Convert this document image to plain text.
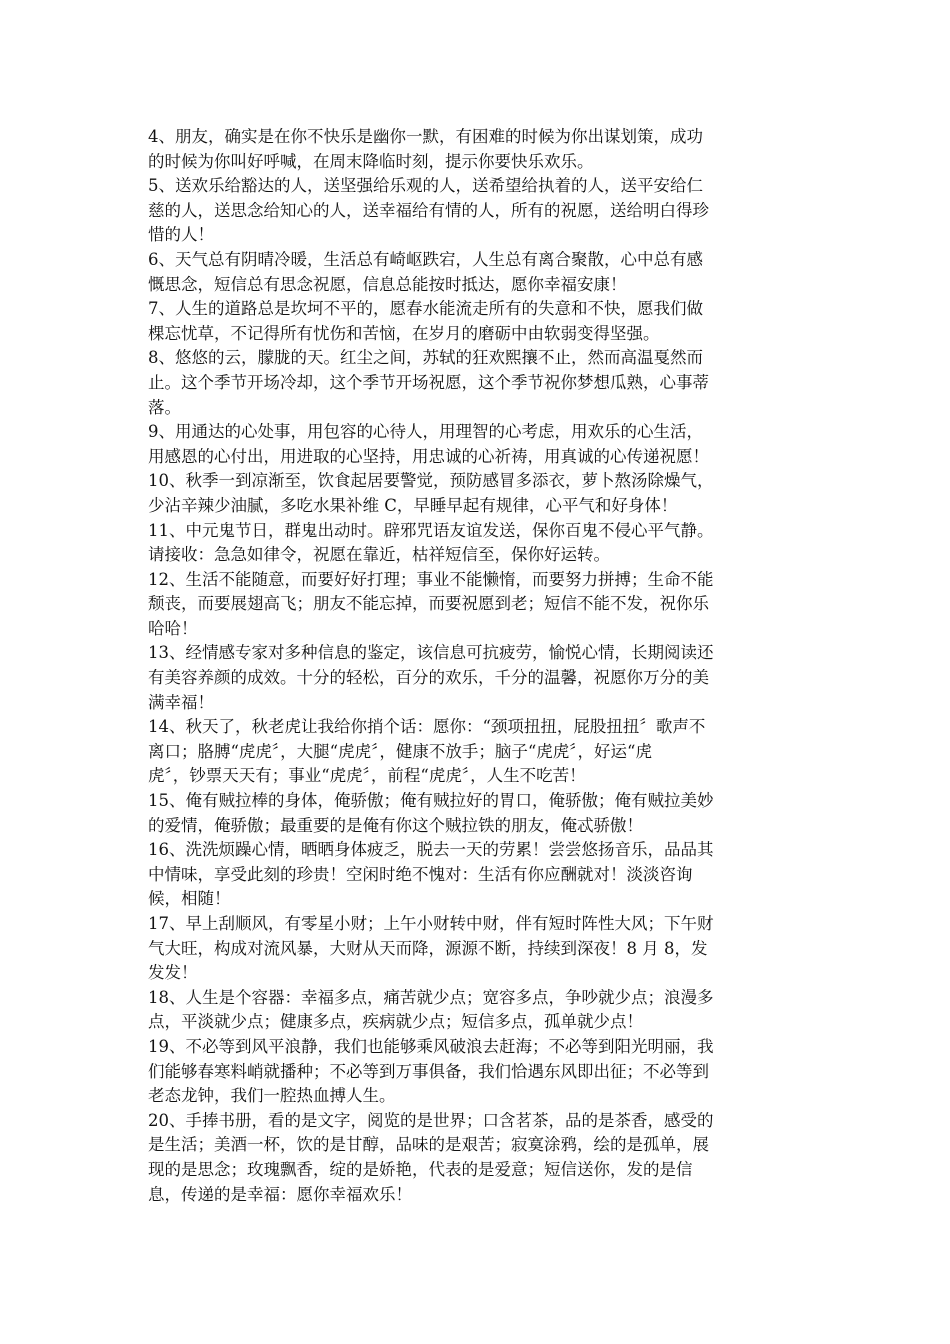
4、朋友，确实是在你不快乐是幽你一默，有困难的时候为你出谋划策，成功
的时候为你叫好呼喊，在周末降临时刻，提示你要快乐欢乐。

5、送欢乐给豁达的人，送坚强给乐观的人，送希望给执着的人，送平安给仁
慈的人，送思念给知心的人，送幸福给有情的人，所有的祝愿，送给明白得珍
惜的人！

6、天气总有阴晴冷暖，生活总有崎岖跌宕，人生总有离合聚散，心中总有感
慨思念，短信总有思念祝愿，信息总能按时抵达，愿你幸福安康！

7、人生的道路总是坎坷不平的，愿春水能流走所有的失意和不快，愿我们做
棵忘忧草，不记得所有忧伤和苦恼，在岁月的磨砺中由软弱变得坚强。

8、悠悠的云，朦胧的天。红尘之间，苏轼的狂欢熙攘不止，然而高温戛然而
止。这个季节开场冷却，这个季节开场祝愿，这个季节祝你梦想瓜熟，心事蒂
落。

9、用通达的心处事，用包容的心待人，用理智的心考虑，用欢乐的心生活，
用感恩的心付出，用进取的心坚持，用忠诚的心祈祷，用真诚的心传递祝愿！

10、秋季一到凉渐至，饮食起居要警觉，预防感冒多添衣，萝卜熬汤除燥气，
少沾辛辣少油腻，多吃水果补维 C，早睡早起有规律，心平气和好身体！

11、中元鬼节日，群鬼出动时。辟邪咒语友谊发送，保你百鬼不侵心平气静。
请接收：急急如律令，祝愿在靠近，枯祥短信至，保你好运转。

12、生活不能随意，而要好好打理；事业不能懒惰，而要努力拼搏；生命不能
颓丧，而要展翅高飞；朋友不能忘掉，而要祝愿到老；短信不能不发，祝你乐
哈哈！

13、经情感专家对多种信息的鉴定，该信息可抗疲劳，愉悦心情，长期阅读还
有美容养颜的成效。十分的轻松，百分的欢乐，千分的温馨，祝愿你万分的美
满幸福！

14、秋天了，秋老虎让我给你捎个话：愿你：“颈项扭扭，屁股扭扭〞歌声不
离口；胳膊“虎虎〞，大腿“虎虎〞，健康不放手；脑子“虎虎〞，好运“虎
虎〞，钞票天天有；事业“虎虎〞，前程“虎虎〞，人生不吃苦！

15、俺有贼拉棒的身体，俺骄傲；俺有贼拉好的胃口，俺骄傲；俺有贼拉美妙
的爱情，俺骄傲；最重要的是俺有你这个贼拉铁的朋友，俺忒骄傲！

16、洗洗烦躁心情，晒晒身体疲乏，脱去一天的劳累！尝尝悠扬音乐，品品其
中情味，享受此刻的珍贵！空闲时绝不愧对：生活有你应酬就对！淡淡咨询
候，相随！

17、早上刮顺风，有零星小财；上午小财转中财，伴有短时阵性大风；下午财
气大旺，构成对流风暴，大财从天而降，源源不断，持续到深夜！8 月 8，发
发发！

18、人生是个容器：幸福多点，痛苦就少点；宽容多点，争吵就少点；浪漫多
点，平淡就少点；健康多点，疾病就少点；短信多点，孤单就少点！

19、不必等到风平浪静，我们也能够乘风破浪去赶海；不必等到阳光明丽，我
们能够春寒料峭就播种；不必等到万事俱备，我们恰遇东风即出征；不必等到
老态龙钟，我们一腔热血搏人生。

20、手捧书册，看的是文字，阅览的是世界；口含茗茶，品的是茶香，感受的
是生活；美酒一杯，饮的是甘醇，品味的是艰苦；寂寞涂鸦，绘的是孤单，展
现的是思念；玫瑰飘香，绽的是娇艳，代表的是爱意；短信送你，发的是信
息，传递的是幸福：愿你幸福欢乐！
